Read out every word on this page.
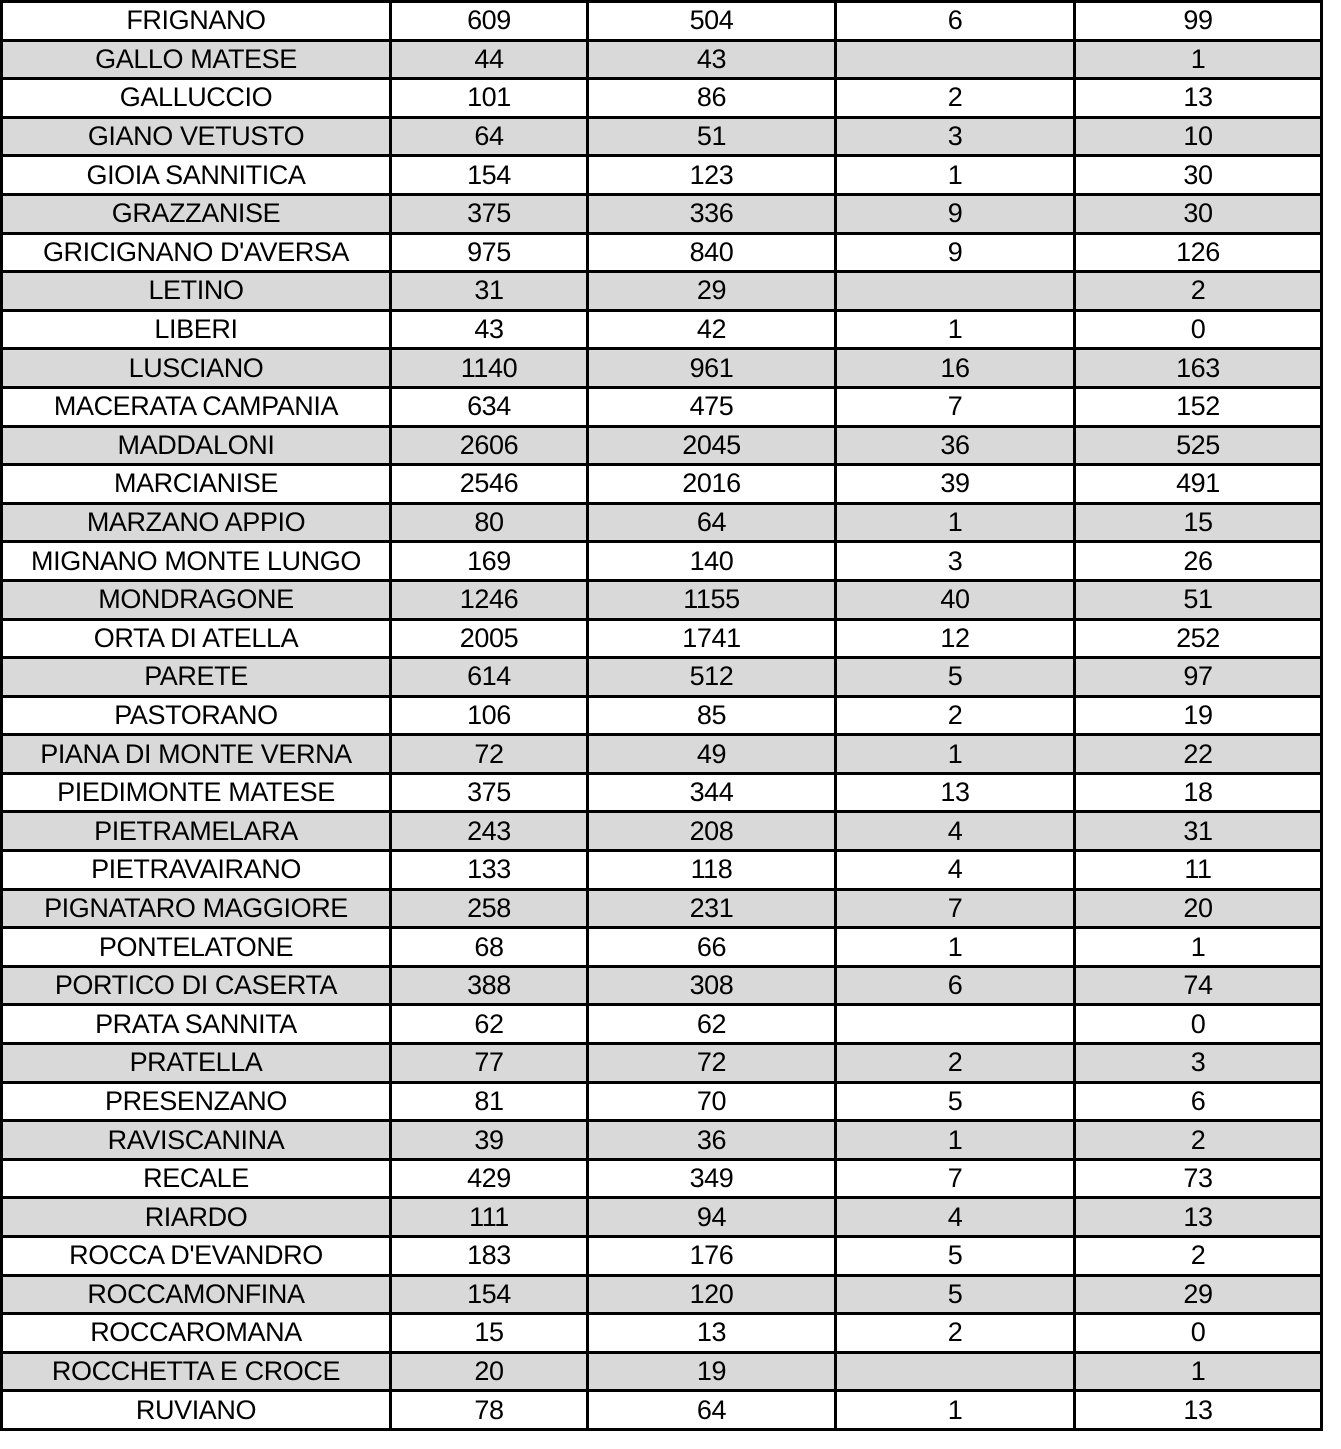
FRIGNANO	609	504	6	99
GALLO MATESE	44	43		1
GALLUCCIO	101	86	2	13
GIANO VETUSTO	64	51	3	10
GIOIA SANNITICA	154	123	1	30
GRAZZANISE	375	336	9	30
GRICIGNANO D'AVERSA	975	840	9	126
LETINO	31	29		2
LIBERI	43	42	1	0
LUSCIANO	1140	961	16	163
MACERATA CAMPANIA	634	475	7	152
MADDALONI	2606	2045	36	525
MARCIANISE	2546	2016	39	491
MARZANO APPIO	80	64	1	15
MIGNANO MONTE LUNGO	169	140	3	26
MONDRAGONE	1246	1155	40	51
ORTA DI ATELLA	2005	1741	12	252
PARETE	614	512	5	97
PASTORANO	106	85	2	19
PIANA DI MONTE VERNA	72	49	1	22
PIEDIMONTE MATESE	375	344	13	18
PIETRAMELARA	243	208	4	31
PIETRAVAIRANO	133	118	4	11
PIGNATARO MAGGIORE	258	231	7	20
PONTELATONE	68	66	1	1
PORTICO DI CASERTA	388	308	6	74
PRATA SANNITA	62	62		0
PRATELLA	77	72	2	3
PRESENZANO	81	70	5	6
RAVISCANINA	39	36	1	2
RECALE	429	349	7	73
RIARDO	111	94	4	13
ROCCA D'EVANDRO	183	176	5	2
ROCCAMONFINA	154	120	5	29
ROCCAROMANA	15	13	2	0
ROCCHETTA E CROCE	20	19		1
RUVIANO	78	64	1	13
